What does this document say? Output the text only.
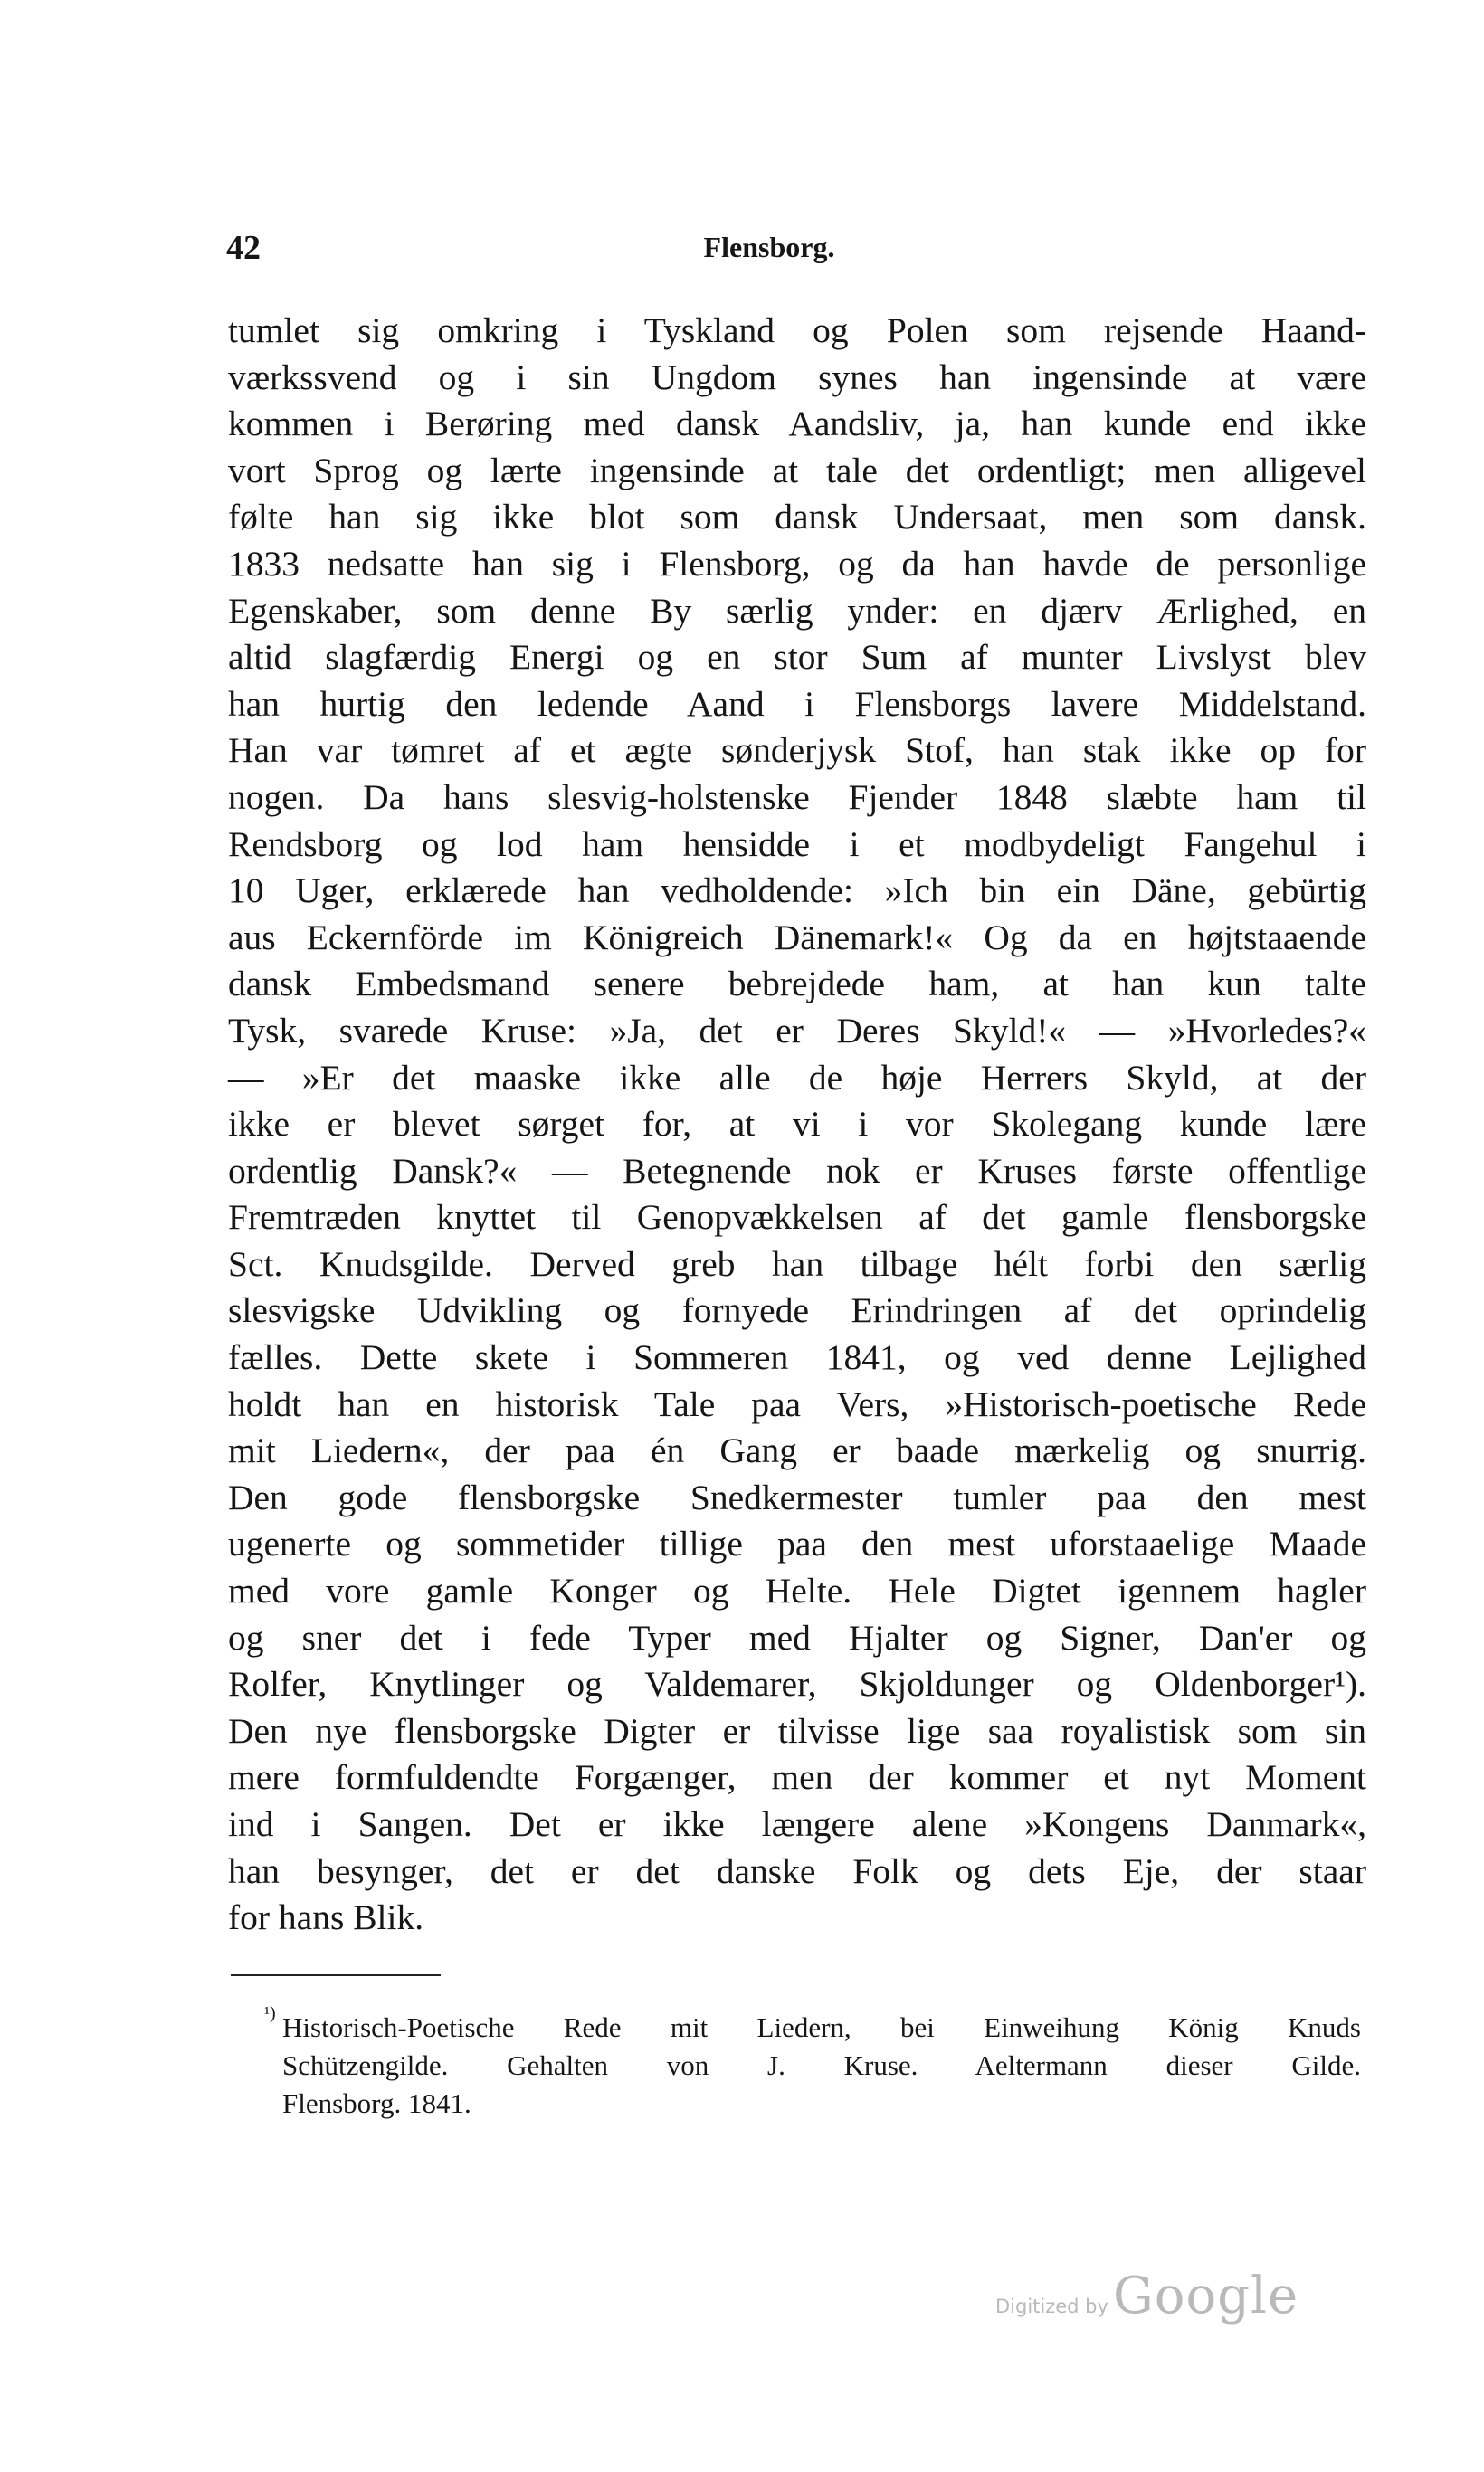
42	Flensborg.
tumlet sig omkring i Tyskland og Polen som rejsende Haand-
værkssvend og i sin Ungdom synes han ingensinde at være
kommen i Berøring med dansk Aandsliv, ja, han kunde end ikke
vort Sprog og lærte ingensinde at tale det ordentligt; men alligevel
følte han sig ikke blot som dansk Undersaat, men som dansk.
1833 nedsatte han sig i Flensborg, og da han havde de personlige
Egenskaber, som denne By særlig ynder: en djærv Ærlighed, en
altid slagfærdig Energi og en stor Sum af munter Livslyst blev
han hurtig den ledende Aand i Flensborgs lavere Middelstand.
Han var tømret af et ægte sønderjysk Stof, han stak ikke op for
nogen. Da hans slesvig-holstenske Fjender 1848 slæbte ham til
Rendsborg og lod ham hensidde i et modbydeligt Fangehul i
10 Uger, erklærede han vedholdende: »Ich bin ein Däne, gebürtig
aus Eckernförde im Königreich Dänemark!« Og da en højtstaaende
dansk Embedsmand senere bebrejdede ham, at han kun talte
Tysk, svarede Kruse: »Ja, det er Deres Skyld!« — »Hvorledes?«
— »Er det maaske ikke alle de høje Herrers Skyld, at der
ikke er blevet sørget for, at vi i vor Skolegang kunde lære
ordentlig Dansk?« — Betegnende nok er Kruses første offentlige
Fremtræden knyttet til Genopvækkelsen af det gamle flensborgske
Sct. Knudsgilde. Derved greb han tilbage hélt forbi den særlig
slesvigske Udvikling og fornyede Erindringen af det oprindelig
fælles. Dette skete i Sommeren 1841, og ved denne Lejlighed
holdt han en historisk Tale paa Vers, »Historisch-poetische Rede
mit Liedern«, der paa én Gang er baade mærkelig og snurrig.
Den gode flensborgske Snedkermester tumler paa den mest
ugenerte og sommetider tillige paa den mest uforstaaelige Maade
med vore gamle Konger og Helte. Hele Digtet igennem hagler
og sner det i fede Typer med Hjalter og Signer, Dan'er og
Rolfer, Knytlinger og Valdemarer, Skjoldunger og Oldenborger¹).
Den nye flensborgske Digter er tilvisse lige saa royalistisk som sin
mere formfuldendte Forgænger, men der kommer et nyt Moment
ind i Sangen. Det er ikke længere alene »Kongens Danmark«,
han besynger, det er det danske Folk og dets Eje, der staar
for hans Blik.
¹) Historisch-Poetische Rede mit Liedern, bei Einweihung König Knuds
Schützengilde. Gehalten von J. Kruse. Aeltermann dieser Gilde.
Flensborg. 1841.
Digitized by Google
